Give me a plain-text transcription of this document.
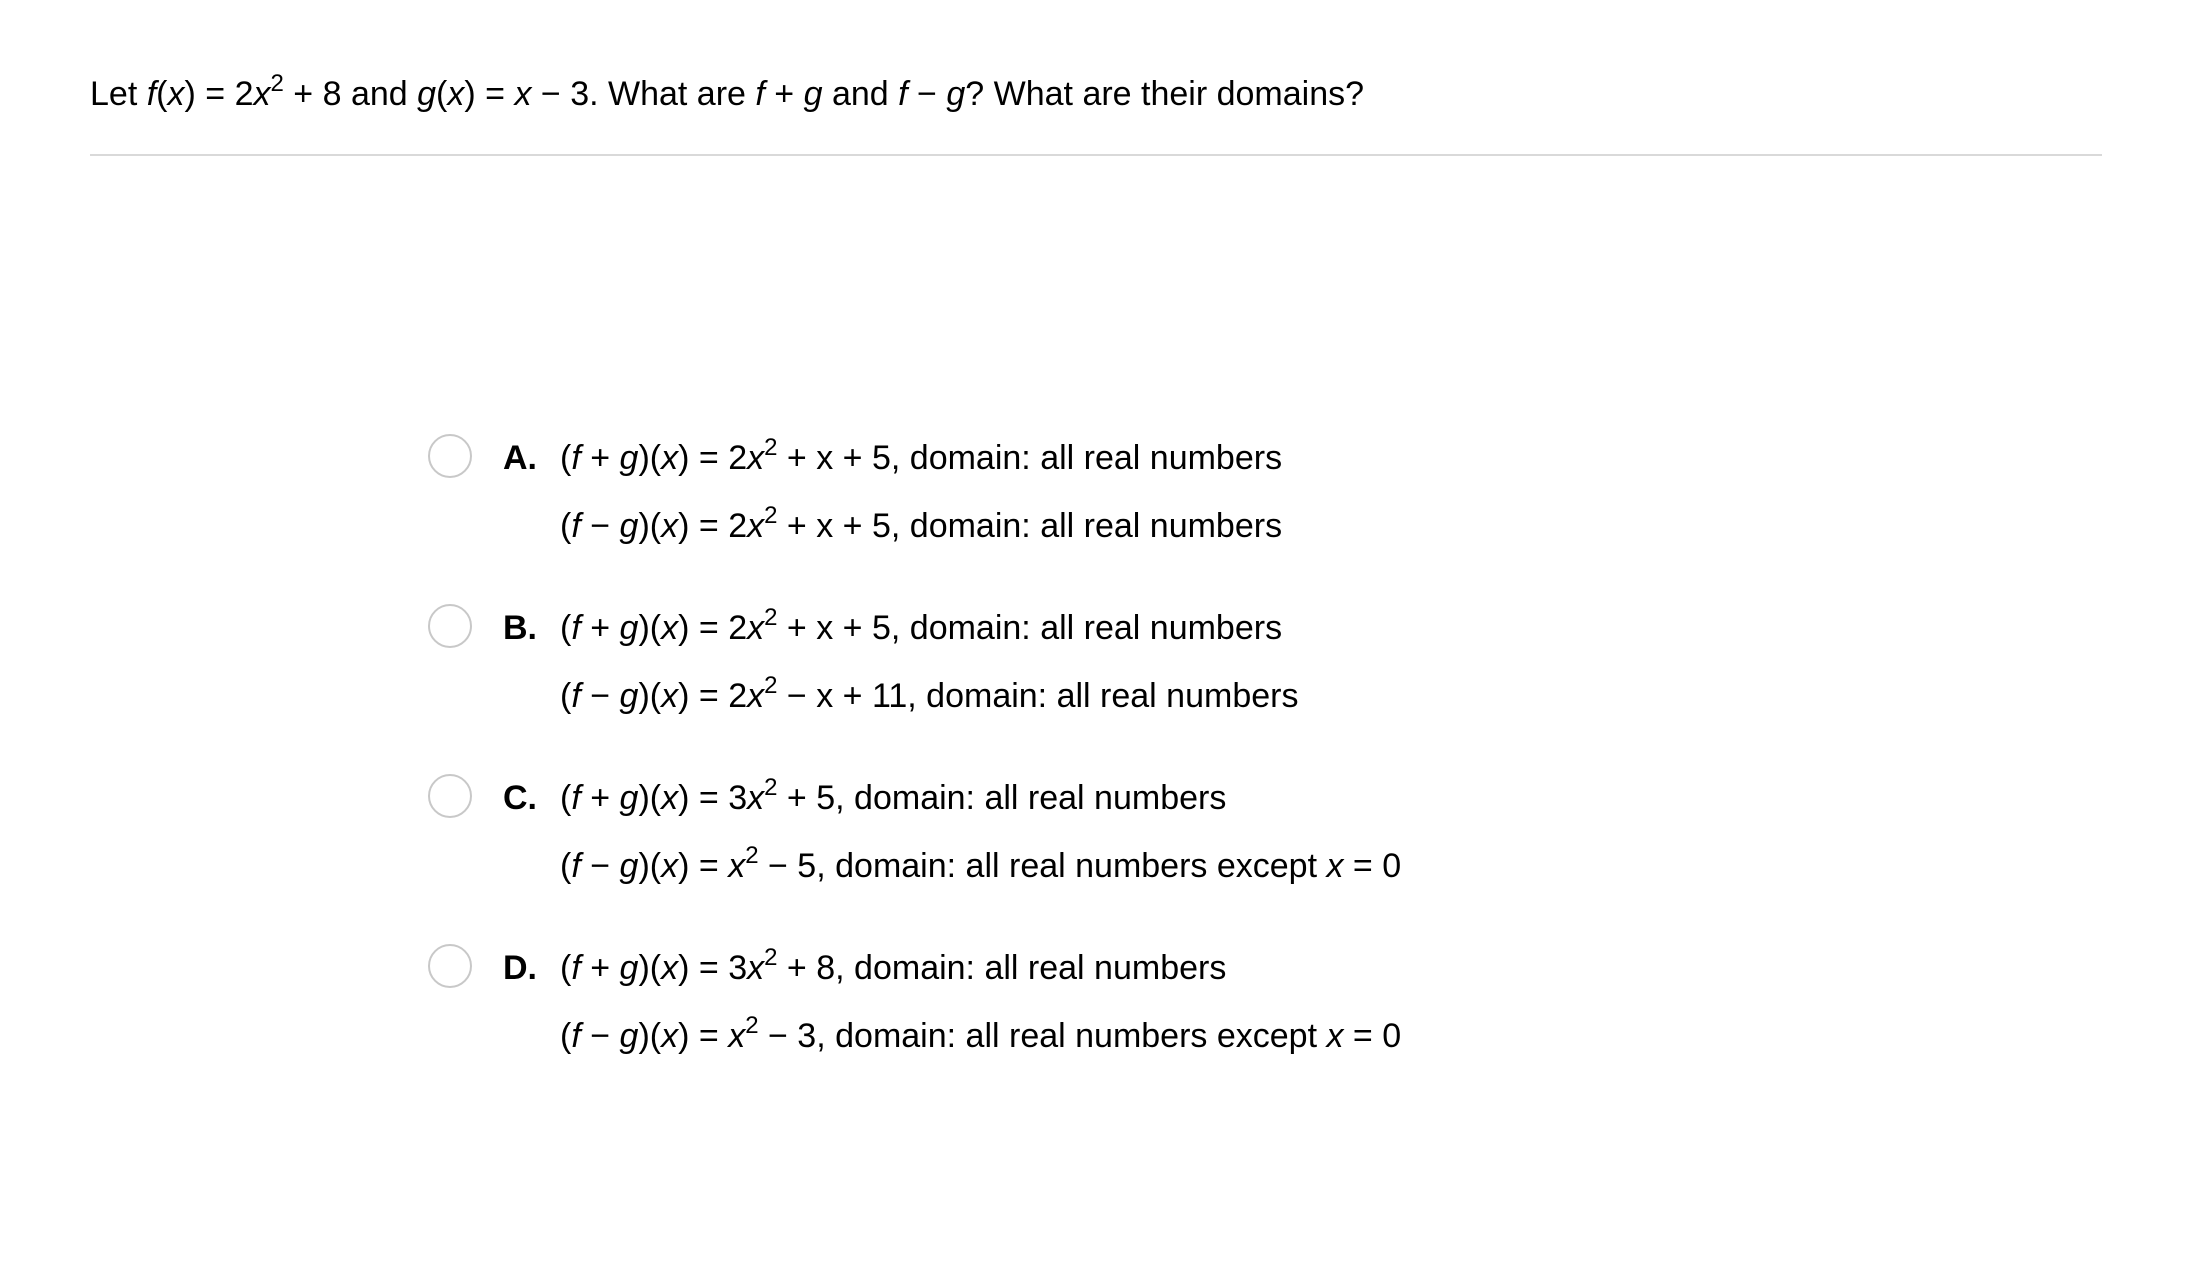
Let $f(x) = 2x^2 + 8$ and g(x) = x − 3. What are f + g and f − g? What are their domains?
A. $(f + g)(x) = 2x^2 + x + 5$, domain: all real numbers
$(f - g)(x) = 2x^2 + x + 5$, domain: all real numbers
B. $(f + g)(x) = 2x^2 + x + 5$, domain: all real numbers
$(f - g)(x) = 2x^2 - x + 11$, domain: all real numbers
C. $(f + g)(x) = 3x^2 + 5$, domain: all real numbers
$(f - g)(x) = x^2 - 5$, domain: all real numbers except x = 0
D. $(f + g)(x) = 3x^2 + 8$, domain: all real numbers
$(f - g)(x) = x^2 - 3$, domain: all real numbers except x = 0
